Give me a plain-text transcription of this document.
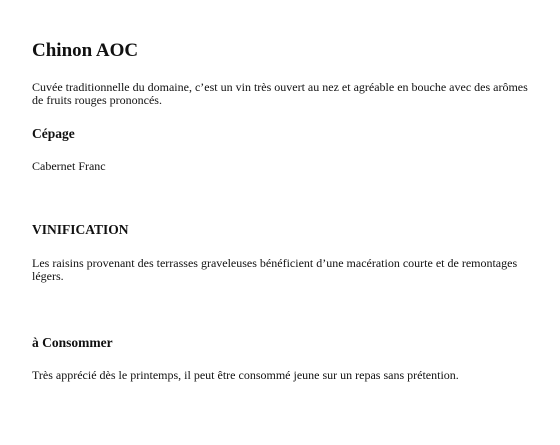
Chinon AOC

Cuvée traditionnelle du domaine, c’est un vin très ouvert au nez et agréable en bouche avec des arômes de fruits rouges prononcés.

Cépage

Cabernet Franc

VINIFICATION

Les raisins provenant des terrasses graveleuses bénéficient d’une macération courte et de remontages légers.

à Consommer

Très apprécié dès le printemps, il peut être consommé jeune sur un repas sans prétention.
